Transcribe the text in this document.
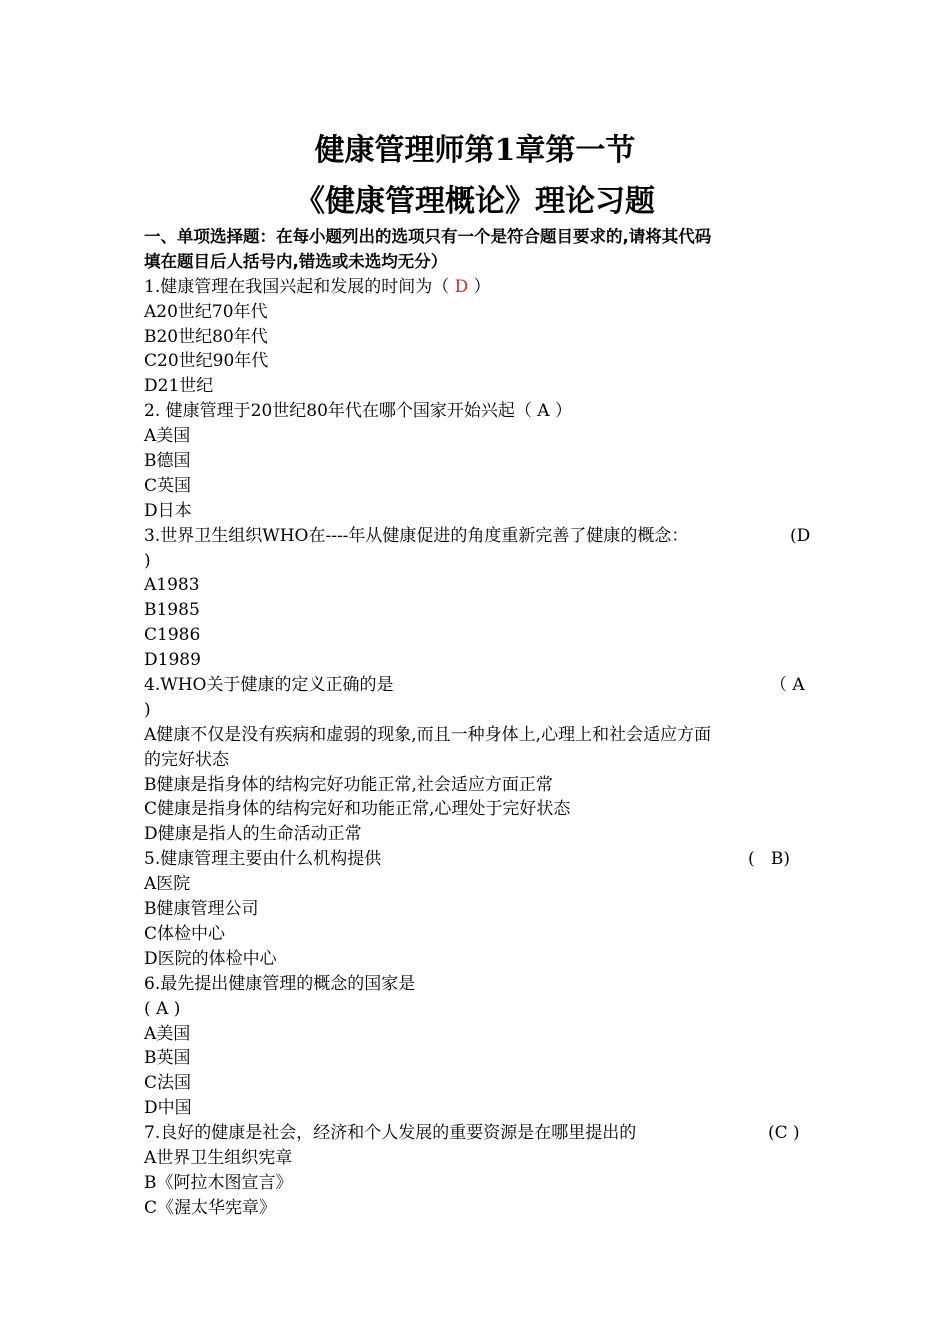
健康管理师第1章第一节
《健康管理概论》理论习题
一、单项选择题：在每小题列出的选项只有一个是符合题目要求的,请将其代码
填在题目后人括号内,错选或未选均无分）
1.健康管理在我国兴起和发展的时间为（ D ）
A20世纪70年代
B20世纪80年代
C20世纪90年代
D21世纪
2. 健康管理于20世纪80年代在哪个国家开始兴起（ A ）
A美国
B德国
C英国
D日本
3.世界卫生组织WHO在----年从健康促进的角度重新完善了健康的概念：	(D
)
A1983
B1985
C1986
D1989
4.WHO关于健康的定义正确的是	（ A
)
A健康不仅是没有疾病和虚弱的现象,而且一种身体上,心理上和社会适应方面
的完好状态
B健康是指身体的结构完好功能正常,社会适应方面正常
C健康是指身体的结构完好和功能正常,心理处于完好状态
D健康是指人的生命活动正常
5.健康管理主要由什么机构提供	(   B)
A医院
B健康管理公司
C体检中心
D医院的体检中心
6.最先提出健康管理的概念的国家是
( A )
A美国
B英国
C法国
D中国
7.良好的健康是社会，经济和个人发展的重要资源是在哪里提出的	(C )
A世界卫生组织宪章
B《阿拉木图宣言》
C《渥太华宪章》
